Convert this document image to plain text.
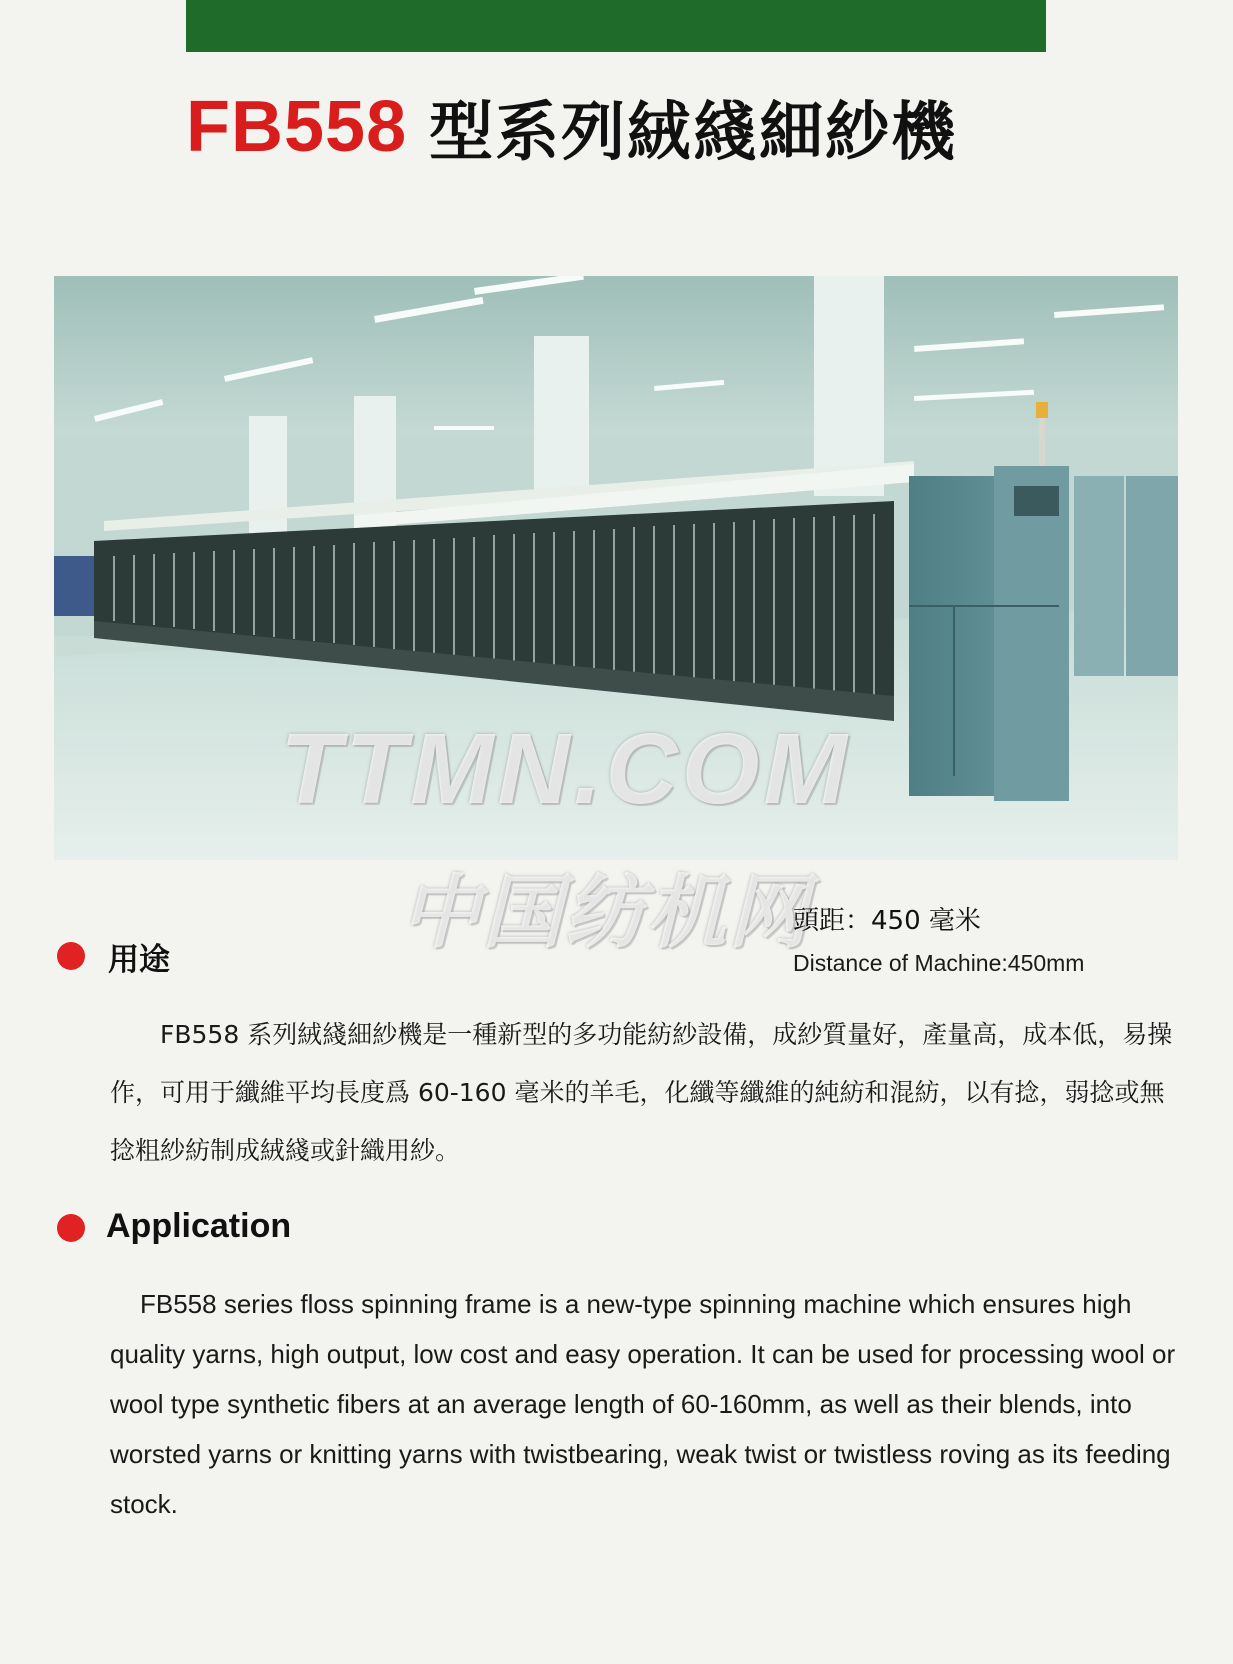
FB558 型系列絨綫細紗機
TTMN.COM
中国纺机网
頭距：450 毫米
Distance of Machine:450mm
用途
FB558 系列絨綫細紗機是一種新型的多功能紡紗設備，成紗質量好，產量高，成本低，易操作，可用于纖維平均長度爲 60-160 毫米的羊毛，化纖等纖維的純紡和混紡，以有捻，弱捻或無捻粗紗紡制成絨綫或針織用紗。
Application
FB558 series floss spinning frame is a new-type spinning machine which ensures high quality yarns, high output, low cost and easy operation. It can be used for processing wool or wool type synthetic fibers at an average length of 60-160mm, as well as their blends, into worsted yarns or knitting yarns with twistbearing, weak twist or twistless roving as its feeding stock.
